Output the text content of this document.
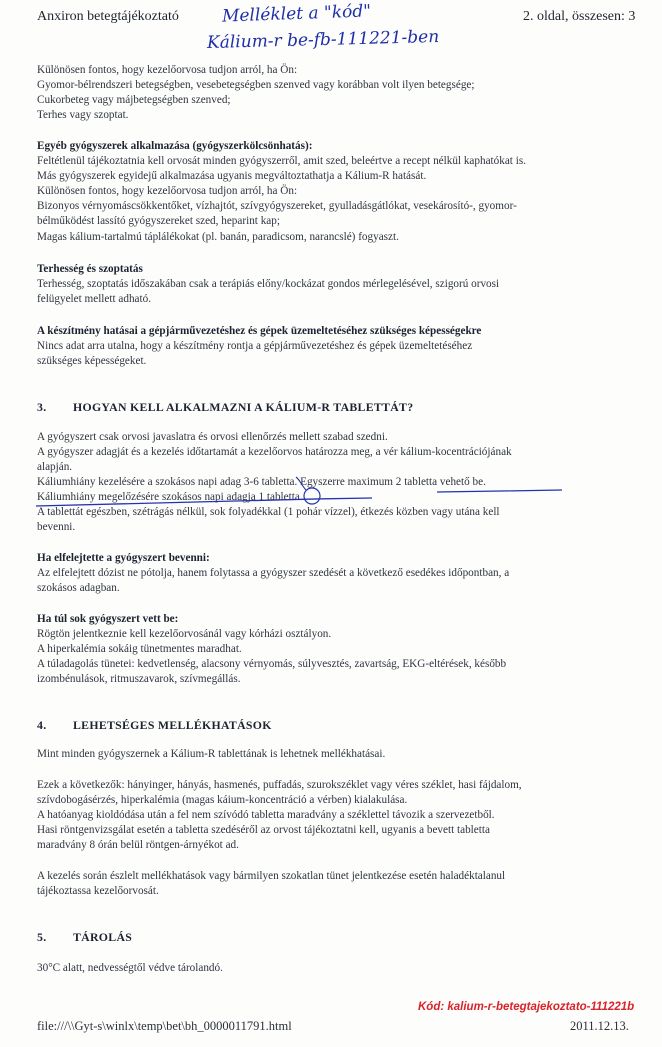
Anxiron betegtájékoztató	2. oldal, összesen: 3
Melléklet a "kód"
Kálium-r be-fb-111221-ben
Különösen fontos, hogy kezelőorvosa tudjon arról, ha Ön:
Gyomor-bélrendszeri betegségben, vesebetegségben szenved vagy korábban volt ilyen betegsége;
Cukorbeteg vagy májbetegségben szenved;
Terhes vagy szoptat.
Egyéb gyógyszerek alkalmazása (gyógyszerkölcsönhatás):
Feltétlenül tájékoztatnia kell orvosát minden gyógyszerről, amit szed, beleértve a recept nélkül kaphatókat is.
Más gyógyszerek egyidejű alkalmazása ugyanis megváltoztathatja a Kálium-R hatását.
Különösen fontos, hogy kezelőorvosa tudjon arról, ha Ön:
Bizonyos vérnyomáscsökkentőket, vízhajtót, szívgyógyszereket, gyulladásgátlókat, vesekárosító-, gyomor-
bélműködést lassító gyógyszereket szed, heparint kap;
Magas kálium-tartalmú táplálékokat (pl. banán, paradicsom, narancslé) fogyaszt.
Terhesség és szoptatás
Terhesség, szoptatás időszakában csak a terápiás előny/kockázat gondos mérlegelésével, szigorú orvosi
felügyelet mellett adható.
A készítmény hatásai a gépjárművezetéshez és gépek üzemeltetéséhez szükséges képességekre
Nincs adat arra utalna, hogy a készítmény rontja a gépjárművezetéshez és gépek üzemeltetéséhez
szükséges képességeket.
3. HOGYAN KELL ALKALMAZNI A KÁLIUM-R TABLETTÁT?
A gyógyszert csak orvosi javaslatra és orvosi ellenőrzés mellett szabad szedni.
A gyógyszer adagját és a kezelés időtartamát a kezelőorvos határozza meg, a vér kálium-kocentrációjának
alapján.
Káliumhiány kezelésére a szokásos napi adag 3-6 tabletta. Egyszerre maximum 2 tabletta vehető be.
Káliumhiány megelőzésére szokásos napi adagja 1 tabletta.
A tablettát egészben, szétrágás nélkül, sok folyadékkal (1 pohár vízzel), étkezés közben vagy utána kell
bevenni.
Ha elfelejtette a gyógyszert bevenni:
Az elfelejtett dózist ne pótolja, hanem folytassa a gyógyszer szedését a következő esedékes időpontban, a
szokásos adagban.
Ha túl sok gyógyszert vett be:
Rögtön jelentkeznie kell kezelőorvosánál vagy kórházi osztályon.
A hiperkalémia sokáig tünetmentes maradhat.
A túladagolás tünetei: kedvetlenség, alacsony vérnyomás, súlyvesztés, zavartság, EKG-eltérések, később
izombénulások, ritmuszavarok, szívmegállás.
4. LEHETSÉGES MELLÉKHATÁSOK
Mint minden gyógyszernek a Kálium-R tablettának is lehetnek mellékhatásai.
Ezek a következők: hányinger, hányás, hasmenés, puffadás, szurokszéklet vagy véres széklet, hasi fájdalom,
szívdobogásérzés, hiperkalémia (magas káium-koncentráció a vérben) kialakulása.
A hatóanyag kioldódása után a fel nem szívódó tabletta maradvány a széklettel távozik a szervezetből.
Hasi röntgenvizsgálat esetén a tabletta szedéséről az orvost tájékoztatni kell, ugyanis a bevett tabletta
maradvány 8 órán belül röntgen-árnyékot ad.
A kezelés során észlelt mellékhatások vagy bármilyen szokatlan tünet jelentkezése esetén haladéktalanul
tájékoztassa kezelőorvosát.
5. TÁROLÁS
30°C alatt, nedvességtől védve tárolandó.
Kód: kalium-r-betegtajekoztato-111221b
file:///\\Gyt-s\winlx\temp\bet\bh_0000011791.html	2011.12.13.
